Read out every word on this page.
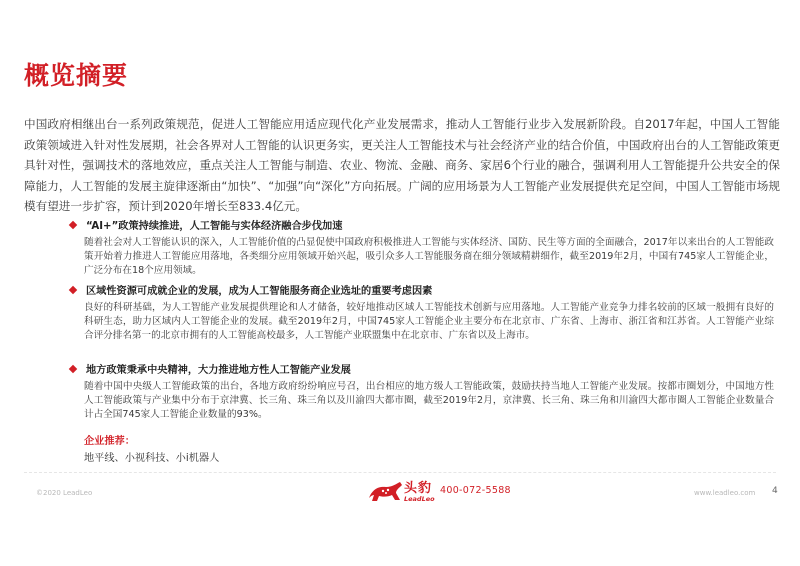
概览摘要

中国政府相继出台一系列政策规范，促进人工智能应用适应现代化产业发展需求，推动人工智能行业步入发展新阶段。自2017年起，中国人工智能政策领域进入针对性发展期，社会各界对人工智能的认识更务实，更关注人工智能技术与社会经济产业的结合价值，中国政府出台的人工智能政策更具针对性，强调技术的落地效应，重点关注人工智能与制造、农业、物流、金融、商务、家居6个行业的融合，强调利用人工智能提升公共安全的保障能力，人工智能的发展主旋律逐渐由“加快”、“加强”向“深化”方向拓展。广阔的应用场景为人工智能产业发展提供充足空间，中国人工智能市场规模有望进一步扩容，预计到2020年增长至833.4亿元。

“AI+”政策持续推进，人工智能与实体经济融合步伐加速

随着社会对人工智能认识的深入，人工智能价值的凸显促使中国政府积极推进人工智能与实体经济、国防、民生等方面的全面融合，2017年以来出台的人工智能政策开始着力推进人工智能应用落地，各类细分应用领域开始兴起，吸引众多人工智能服务商在细分领域精耕细作，截至2019年2月，中国有745家人工智能企业，广泛分布在18个应用领域。

区域性资源可成就企业的发展，成为人工智能服务商企业选址的重要考虑因素

良好的科研基础，为人工智能产业发展提供理论和人才储备，较好地推动区域人工智能技术创新与应用落地。人工智能产业竞争力排名较前的区域一般拥有良好的科研生态，助力区域内人工智能企业的发展。截至2019年2月，中国745家人工智能企业主要分布在北京市、广东省、上海市、浙江省和江苏省。人工智能产业综合评分排名第一的北京市拥有的人工智能高校最多，人工智能产业联盟集中在北京市、广东省以及上海市。

地方政策秉承中央精神，大力推进地方性人工智能产业发展

随着中国中央级人工智能政策的出台，各地方政府纷纷响应号召，出台相应的地方级人工智能政策，鼓励扶持当地人工智能产业发展。按都市圈划分，中国地方性人工智能政策与产业集中分布于京津冀、长三角、珠三角以及川渝四大都市圈，截至2019年2月，京津冀、长三角、珠三角和川渝四大都市圈人工智能企业数量合计占全国745家人工智能企业数量的93%。

企业推荐：
地平线、小视科技、小i机器人
4
©2020 LeadLeo	头豹
LeadLeo
400-072-5588	www.leadleo.com
